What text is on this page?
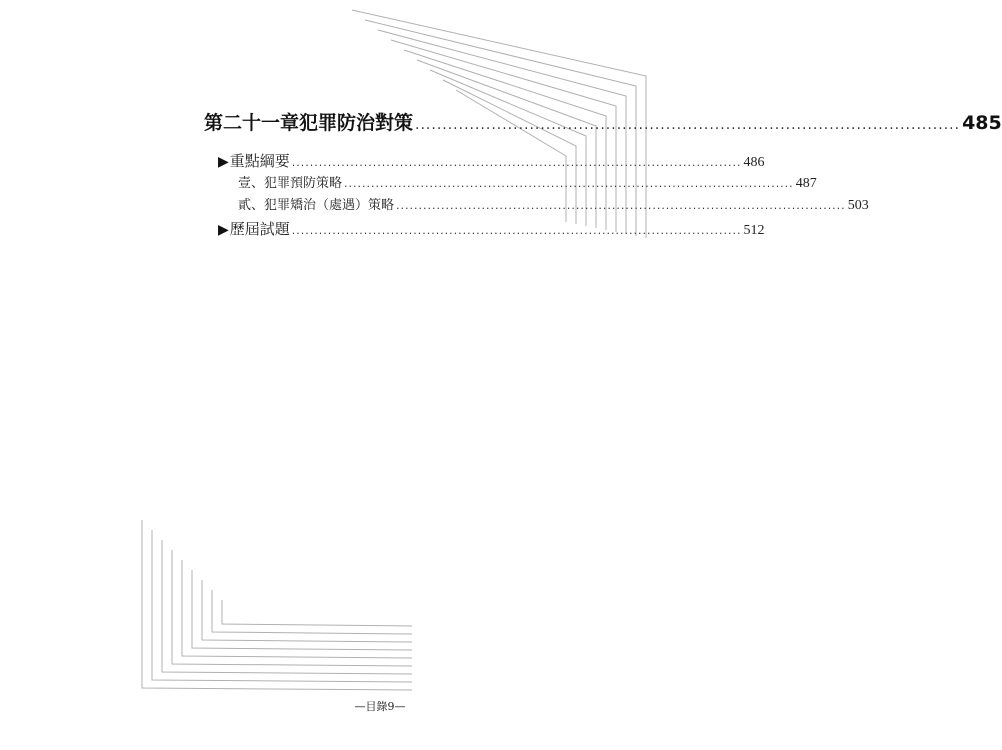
第二十一章 犯罪防治對策 .................................................................................................... 485
▶ 重點綱要 .................................................................................................... 486
壹、犯罪預防策略 .................................................................................................... 487
貳、犯罪矯治（處遇）策略 .................................................................................................... 503
▶ 歷屆試題 .................................................................................................... 512
—目錄9—
